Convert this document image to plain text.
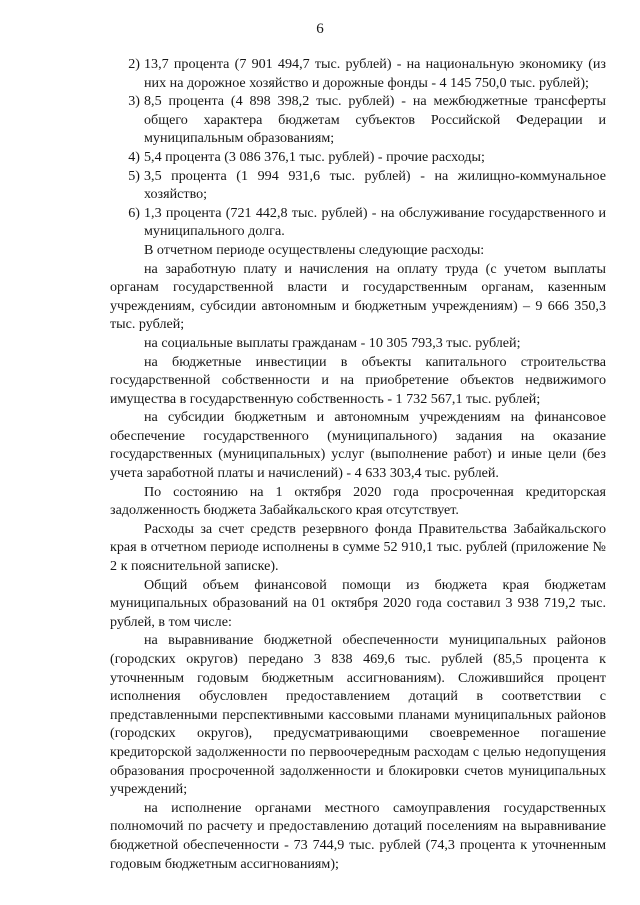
6
2) 13,7 процента (7 901 494,7 тыс. рублей) - на национальную экономику (из них на дорожное хозяйство и дорожные фонды - 4 145 750,0 тыс. рублей);
3) 8,5 процента (4 898 398,2 тыс. рублей) - на межбюджетные трансферты общего характера бюджетам субъектов Российской Федерации и муниципальным образованиям;
4) 5,4 процента (3 086 376,1 тыс. рублей) - прочие расходы;
5) 3,5 процента (1 994 931,6 тыс. рублей) - на жилищно-коммунальное хозяйство;
6) 1,3 процента (721 442,8 тыс. рублей) - на обслуживание государственного и муниципального долга.

В отчетном периоде осуществлены следующие расходы:

на заработную плату и начисления на оплату труда (с учетом выплаты органам государственной власти и государственным органам, казенным учреждениям, субсидии автономным и бюджетным учреждениям) – 9 666 350,3 тыс. рублей;

на социальные выплаты гражданам - 10 305 793,3 тыс. рублей;

на бюджетные инвестиции в объекты капитального строительства государственной собственности и на приобретение объектов недвижимого имущества в государственную собственность - 1 732 567,1 тыс. рублей;

на субсидии бюджетным и автономным учреждениям на финансовое обеспечение государственного (муниципального) задания на оказание государственных (муниципальных) услуг (выполнение работ) и иные цели (без учета заработной платы и начислений) - 4 633 303,4 тыс. рублей.

По состоянию на 1 октября 2020 года просроченная кредиторская задолженность бюджета Забайкальского края отсутствует.

Расходы за счет средств резервного фонда Правительства Забайкальского края в отчетном периоде исполнены в сумме 52 910,1 тыс. рублей (приложение № 2 к пояснительной записке).

Общий объем финансовой помощи из бюджета края бюджетам муниципальных образований на 01 октября 2020 года составил 3 938 719,2 тыс. рублей, в том числе:

на выравнивание бюджетной обеспеченности муниципальных районов (городских округов) передано 3 838 469,6 тыс. рублей (85,5 процента к уточненным годовым бюджетным ассигнованиям). Сложившийся процент исполнения обусловлен предоставлением дотаций в соответствии с представленными перспективными кассовыми планами муниципальных районов (городских округов), предусматривающими своевременное погашение кредиторской задолженности по первоочередным расходам с целью недопущения образования просроченной задолженности и блокировки счетов муниципальных учреждений;

на исполнение органами местного самоуправления государственных полномочий по расчету и предоставлению дотаций поселениям на выравнивание бюджетной обеспеченности - 73 744,9 тыс. рублей (74,3 процента к уточненным годовым бюджетным ассигнованиям);
